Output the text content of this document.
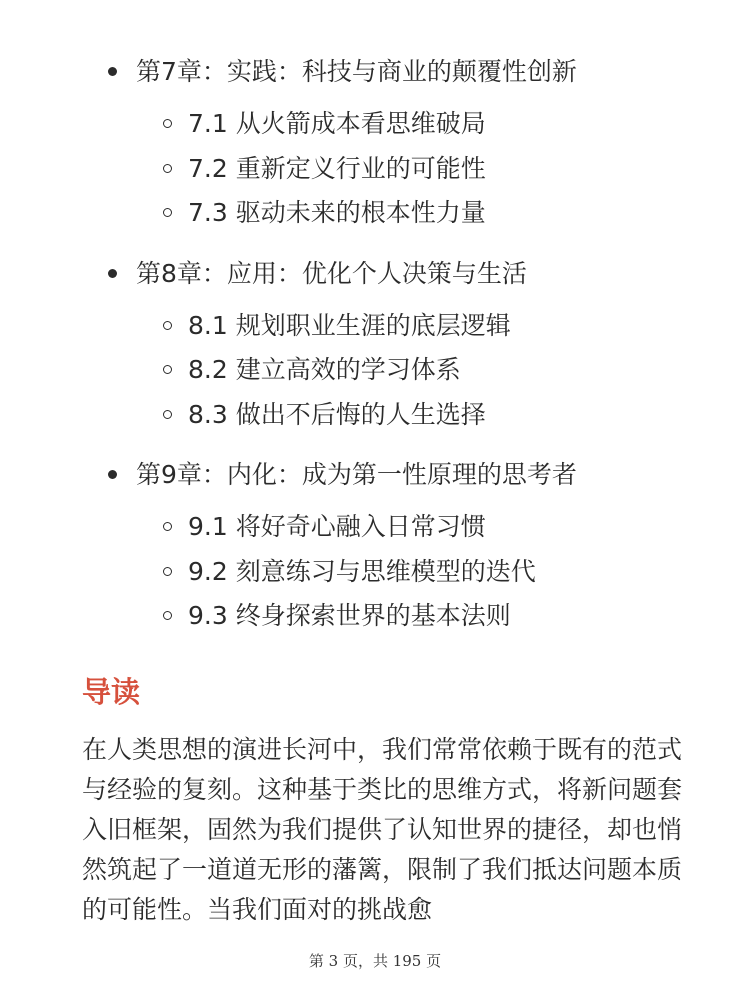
第7章：实践：科技与商业的颠覆性创新
7.1 从火箭成本看思维破局
7.2 重新定义行业的可能性
7.3 驱动未来的根本性力量
第8章：应用：优化个人决策与生活
8.1 规划职业生涯的底层逻辑
8.2 建立高效的学习体系
8.3 做出不后悔的人生选择
第9章：内化：成为第一性原理的思考者
9.1 将好奇心融入日常习惯
9.2 刻意练习与思维模型的迭代
9.3 终身探索世界的基本法则
导读

在人类思想的演进长河中，我们常常依赖于既有的范式与经验的复刻。这种基于类比的思维方式，将新问题套入旧框架，固然为我们提供了认知世界的捷径，却也悄然筑起了一道道无形的藩篱，限制了我们抵达问题本质的可能性。当我们面对的挑战愈

第 3 页，共 195 页
